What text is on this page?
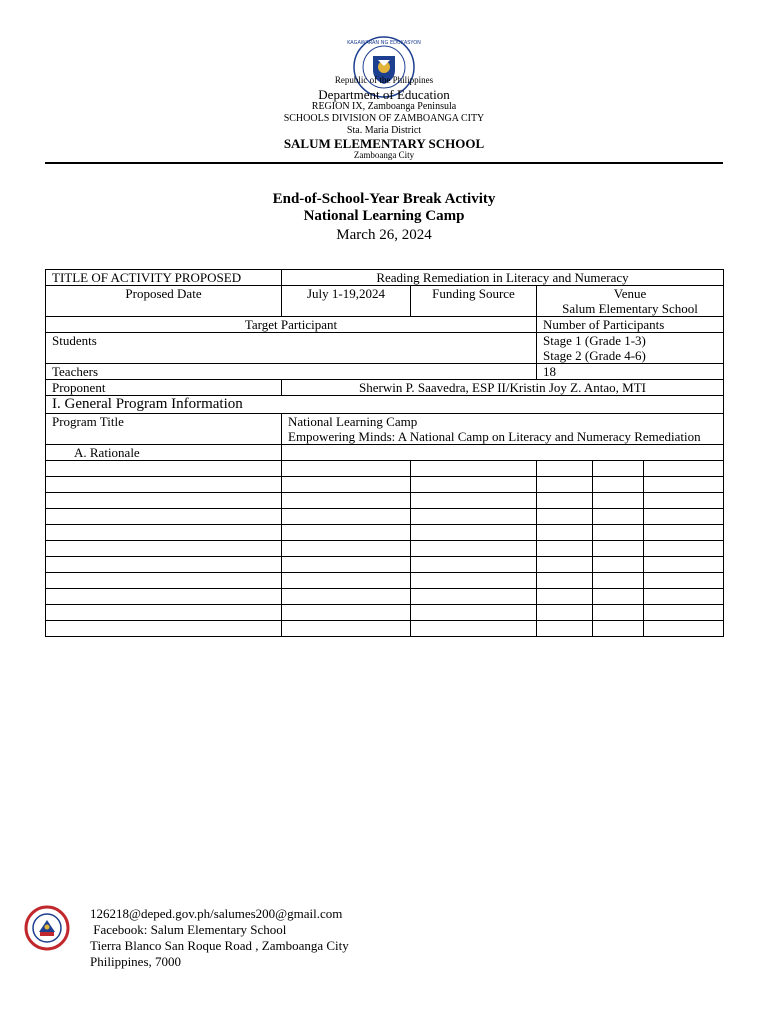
KAGAWARAN NG EDUKASYON
Republic of the Philippines
Department of Education
REGION IX, Zamboanga Peninsula
SCHOOLS DIVISION OF ZAMBOANGA CITY
Sta. Maria District
SALUM ELEMENTARY SCHOOL
Zamboanga City
End-of-School-Year Break Activity
National Learning Camp
March 26, 2024
TITLE OF ACTIVITY PROPOSED	Reading Remediation in Literacy and Numeracy				
Proposed Date	July 1-19,2024	Funding Source	Venue
Salum Elementary School		

Target Participant			Number of Participants		
Students			Stage 1 (Grade 1-3)
Stage 2 (Grade 4-6)		

Teachers			18		
Proponent	Sherwin P. Saavedra, ESP II/Kristin Joy Z. Antao, MTI				
I. General Program Information					
Program Title	National Learning Camp
Empowering Minds: A National Camp on Literacy and Numeracy Remediation				

A. Rationale					

126218@deped.gov.ph/salumes200@gmail.com
Facebook: Salum Elementary School
Tierra Blanco San Roque Road , Zamboanga City
Philippines, 7000
